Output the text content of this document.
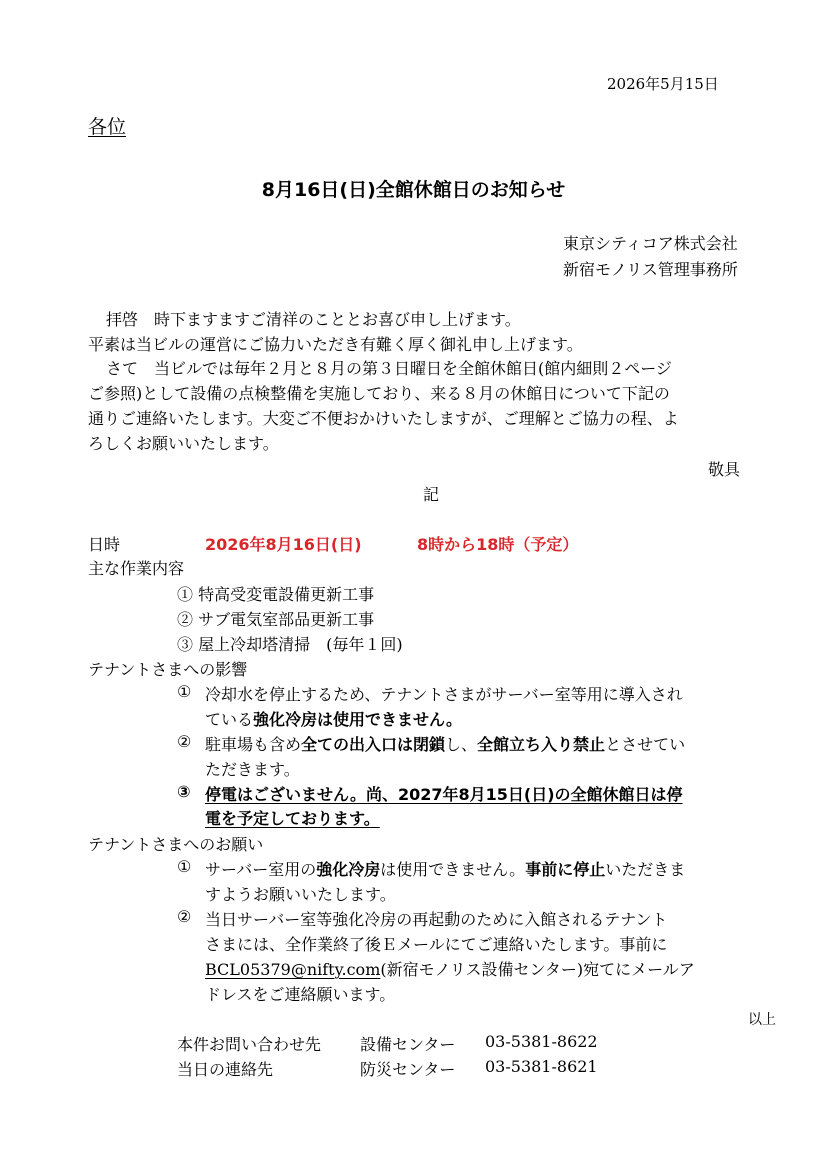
2026年5月15日
各位
8月16日(日)全館休館日のお知らせ
東京シティコア株式会社
新宿モノリス管理事務所
拝啓　時下ますますご清祥のこととお喜び申し上げます。
平素は当ビルの運営にご協力いただき有難く厚く御礼申し上げます。
さて　当ビルでは毎年２月と８月の第３日曜日を全館休館日(館内細則２ページ
ご参照)として設備の点検整備を実施しており、来る８月の休館日について下記の
通りご連絡いたします。大変ご不便おかけいたしますが、ご理解とご協力の程、よ
ろしくお願いいたします。
敬具
記
日時	2026年8月16日(日)	8時から18時（予定）
主な作業内容
① 特高受変電設備更新工事
② サブ電気室部品更新工事
③ 屋上冷却塔清掃　(毎年１回)
テナントさまへの影響
① 冷却水を停止するため、テナントさまがサーバー室等用に導入され
ている強化冷房は使用できません。
② 駐車場も含め全ての出入口は閉鎖し、全館立ち入り禁止とさせてい
ただきます。
③ 停電はございません。尚、2027年8月15日(日)の全館休館日は停
電を予定しております。
テナントさまへのお願い
① サーバー室用の強化冷房は使用できません。事前に停止いただきま
すようお願いいたします。
② 当日サーバー室等強化冷房の再起動のために入館されるテナント
さまには、全作業終了後Ｅメールにてご連絡いたします。事前に
BCL05379@nifty.com(新宿モノリス設備センター)宛てにメールア
ドレスをご連絡願います。
以上
本件お問い合わせ先 設備センター 03-5381-8622
当日の連絡先	防災センター 03-5381-8621
